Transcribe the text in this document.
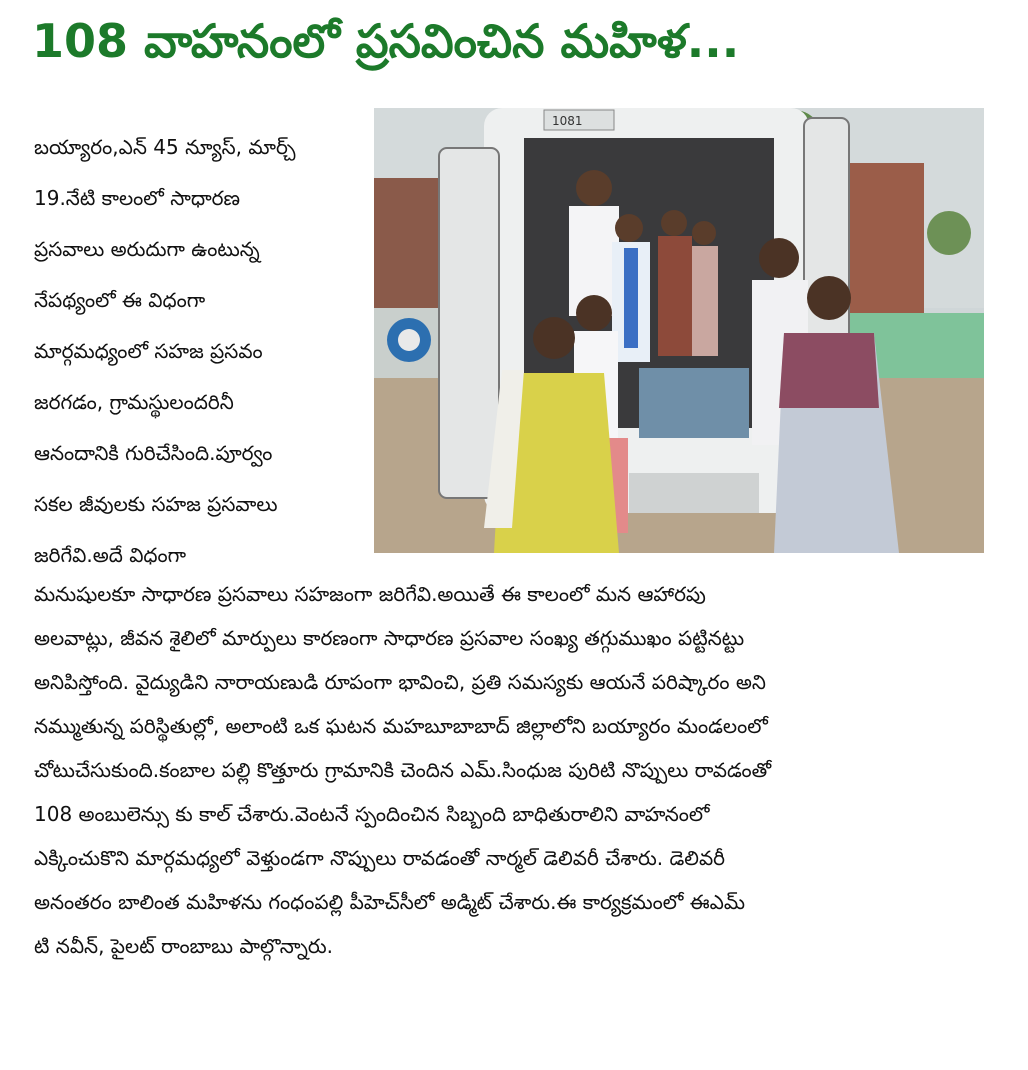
108 వాహనంలో ప్రసవించిన మహిళ...
బయ్యారం,ఎన్ 45 న్యూస్, మార్చ్
19.నేటి కాలంలో సాధారణ
ప్రసవాలు అరుదుగా ఉంటున్న
నేపథ్యంలో ఈ విధంగా
మార్గమధ్యంలో సహజ ప్రసవం
జరగడం, గ్రామస్థులందరినీ
ఆనందానికి గురిచేసింది.పూర్వం
సకల జీవులకు సహజ ప్రసవాలు
జరిగేవి.అదే విధంగా
1081
మనుషులకూ సాధారణ ప్రసవాలు సహజంగా జరిగేవి.అయితే ఈ కాలంలో మన ఆహారపు
అలవాట్లు, జీవన శైలిలో మార్పులు కారణంగా సాధారణ ప్రసవాల సంఖ్య తగ్గుముఖం పట్టినట్టు
అనిపిస్తోంది. వైద్యుడిని నారాయణుడి రూపంగా భావించి, ప్రతి సమస్యకు ఆయనే పరిష్కారం అని
నమ్ముతున్న పరిస్థితుల్లో, అలాంటి ఒక ఘటన మహబూబాబాద్ జిల్లాలోని బయ్యారం మండలంలో
చోటుచేసుకుంది.కంబాల పల్లి కొత్తూరు గ్రామానికి చెందిన ఎమ్.సింధుజ పురిటి నొప్పులు రావడంతో
108 అంబులెన్సు కు కాల్ చేశారు.వెంటనే స్పందించిన సిబ్బంది బాధితురాలిని వాహనంలో
ఎక్కించుకొని మార్గమధ్యలో వెళ్తుండగా నొప్పులు రావడంతో నార్మల్ డెలివరీ చేశారు. డెలివరీ
అనంతరం బాలింత మహిళను గంధంపల్లి పీహెచ్‌సీలో అడ్మిట్ చేశారు.ఈ కార్యక్రమంలో ఈఎమ్
టి నవీన్, పైలట్ రాంబాబు పాల్గొన్నారు.
